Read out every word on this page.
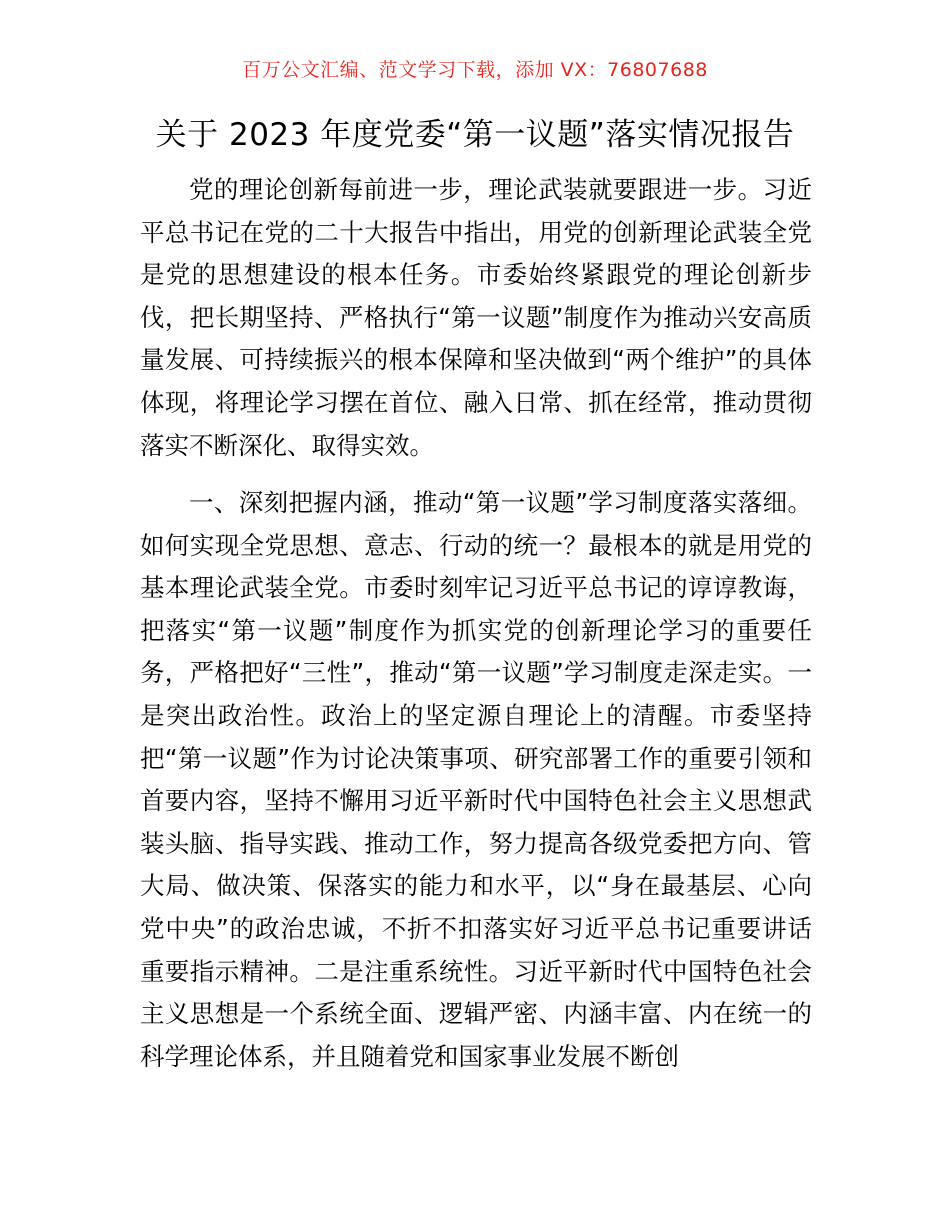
百万公文汇编、范文学习下载，添加 VX：76807688
关于 2023 年度党委“第一议题”落实情况报告

党的理论创新每前进一步，理论武装就要跟进一步。习近平总书记在党的二十大报告中指出，用党的创新理论武装全党是党的思想建设的根本任务。市委始终紧跟党的理论创新步伐，把长期坚持、严格执行“第一议题”制度作为推动兴安高质量发展、可持续振兴的根本保障和坚决做到“两个维护”的具体体现，将理论学习摆在首位、融入日常、抓在经常，推动贯彻落实不断深化、取得实效。

一、深刻把握内涵，推动“第一议题”学习制度落实落细。如何实现全党思想、意志、行动的统一？最根本的就是用党的基本理论武装全党。市委时刻牢记习近平总书记的谆谆教诲，把落实“第一议题”制度作为抓实党的创新理论学习的重要任务，严格把好“三性”，推动“第一议题”学习制度走深走实。一是突出政治性。政治上的坚定源自理论上的清醒。市委坚持把“第一议题”作为讨论决策事项、研究部署工作的重要引领和首要内容，坚持不懈用习近平新时代中国特色社会主义思想武装头脑、指导实践、推动工作，努力提高各级党委把方向、管大局、做决策、保落实的能力和水平，以“身在最基层、心向党中央”的政治忠诚，不折不扣落实好习近平总书记重要讲话重要指示精神。二是注重系统性。习近平新时代中国特色社会主义思想是一个系统全面、逻辑严密、内涵丰富、内在统一的科学理论体系，并且随着党和国家事业发展不断创
